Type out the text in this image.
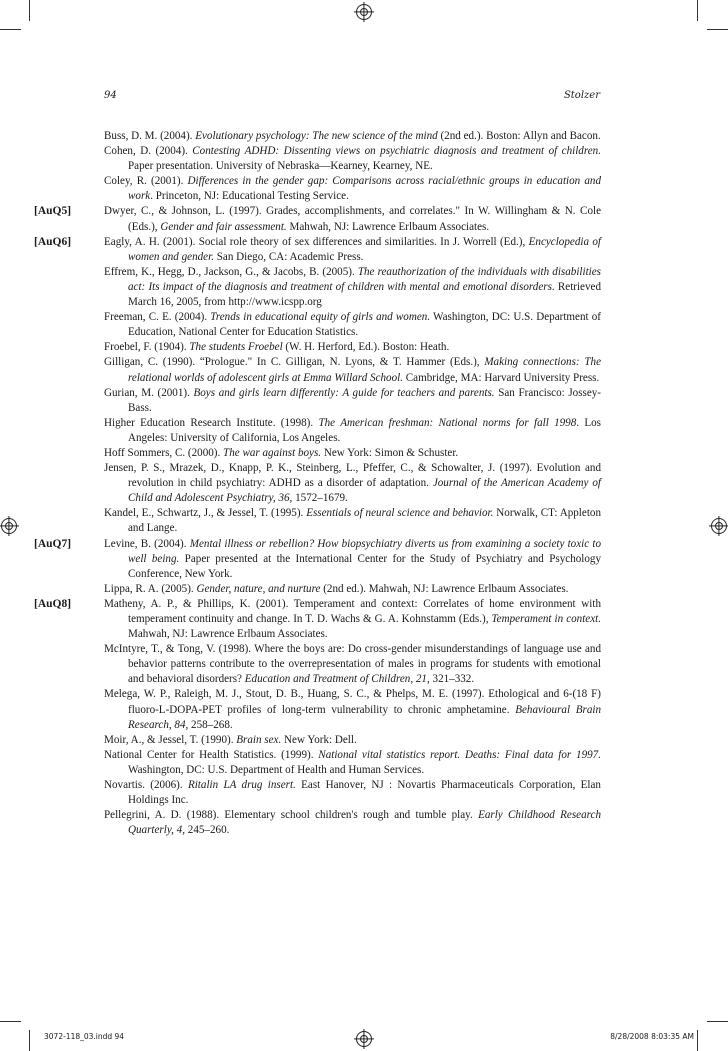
94	Stolzer

Buss, D. M. (2004). Evolutionary psychology: The new science of the mind (2nd ed.). Boston: Allyn and Bacon.

Cohen, D. (2004). Contesting ADHD: Dissenting views on psychiatric diagnosis and treatment of children. Paper presentation. University of Nebraska—Kearney, Kearney, NE.

Coley, R. (2001). Differences in the gender gap: Comparisons across racial/ethnic groups in education and work. Princeton, NJ: Educational Testing Service.

[AuQ5]	Dwyer, C., & Johnson, L. (1997). Grades, accomplishments, and correlates." In W. Willingham & N. Cole (Eds.), Gender and fair assessment. Mahwah, NJ: Lawrence Erlbaum Associates.

[AuQ6]	Eagly, A. H. (2001). Social role theory of sex differences and similarities. In J. Worrell (Ed.), Encyclopedia of women and gender. San Diego, CA: Academic Press.

Effrem, K., Hegg, D., Jackson, G., & Jacobs, B. (2005). The reauthorization of the individuals with disabilities act: Its impact of the diagnosis and treatment of children with mental and emotional disorders. Retrieved March 16, 2005, from http://www.icspp.org

Freeman, C. E. (2004). Trends in educational equity of girls and women. Washington, DC: U.S. Department of Education, National Center for Education Statistics.

Froebel, F. (1904). The students Froebel (W. H. Herford, Ed.). Boston: Heath.

Gilligan, C. (1990). “Prologue." In C. Gilligan, N. Lyons, & T. Hammer (Eds.), Making connections: The relational worlds of adolescent girls at Emma Willard School. Cambridge, MA: Harvard University Press.

Gurian, M. (2001). Boys and girls learn differently: A guide for teachers and parents. San Francisco: Jossey-Bass.

Higher Education Research Institute. (1998). The American freshman: National norms for fall 1998. Los Angeles: University of California, Los Angeles.

Hoff Sommers, C. (2000). The war against boys. New York: Simon & Schuster.

Jensen, P. S., Mrazek, D., Knapp, P. K., Steinberg, L., Pfeffer, C., & Schowalter, J. (1997). Evolution and revolution in child psychiatry: ADHD as a disorder of adaptation. Journal of the American Academy of Child and Adolescent Psychiatry, 36, 1572–1679.

Kandel, E., Schwartz, J., & Jessel, T. (1995). Essentials of neural science and behavior. Norwalk, CT: Appleton and Lange.

[AuQ7]	Levine, B. (2004). Mental illness or rebellion? How biopsychiatry diverts us from examining a society toxic to well being. Paper presented at the International Center for the Study of Psychiatry and Psychology Conference, New York.

Lippa, R. A. (2005). Gender, nature, and nurture (2nd ed.). Mahwah, NJ: Lawrence Erlbaum Associates.

[AuQ8]	Matheny, A. P., & Phillips, K. (2001). Temperament and context: Correlates of home environment with temperament continuity and change. In T. D. Wachs & G. A. Kohnstamm (Eds.), Temperament in context. Mahwah, NJ: Lawrence Erlbaum Associates.

McIntyre, T., & Tong, V. (1998). Where the boys are: Do cross-gender misunderstandings of language use and behavior patterns contribute to the overrepresentation of males in programs for students with emotional and behavioral disorders? Education and Treatment of Children, 21, 321–332.

Melega, W. P., Raleigh, M. J., Stout, D. B., Huang, S. C., & Phelps, M. E. (1997). Ethological and 6-(18 F) fluoro-L-DOPA-PET profiles of long-term vulnerability to chronic amphetamine. Behavioural Brain Research, 84, 258–268.

Moir, A., & Jessel, T. (1990). Brain sex. New York: Dell.

National Center for Health Statistics. (1999). National vital statistics report. Deaths: Final data for 1997. Washington, DC: U.S. Department of Health and Human Services.

Novartis. (2006). Ritalin LA drug insert. East Hanover, NJ : Novartis Pharmaceuticals Corporation, Elan Holdings Inc.

Pellegrini, A. D. (1988). Elementary school children's rough and tumble play. Early Childhood Research Quarterly, 4, 245–260.

3072-118_03.indd 94	8/28/2008 8:03:35 AM
